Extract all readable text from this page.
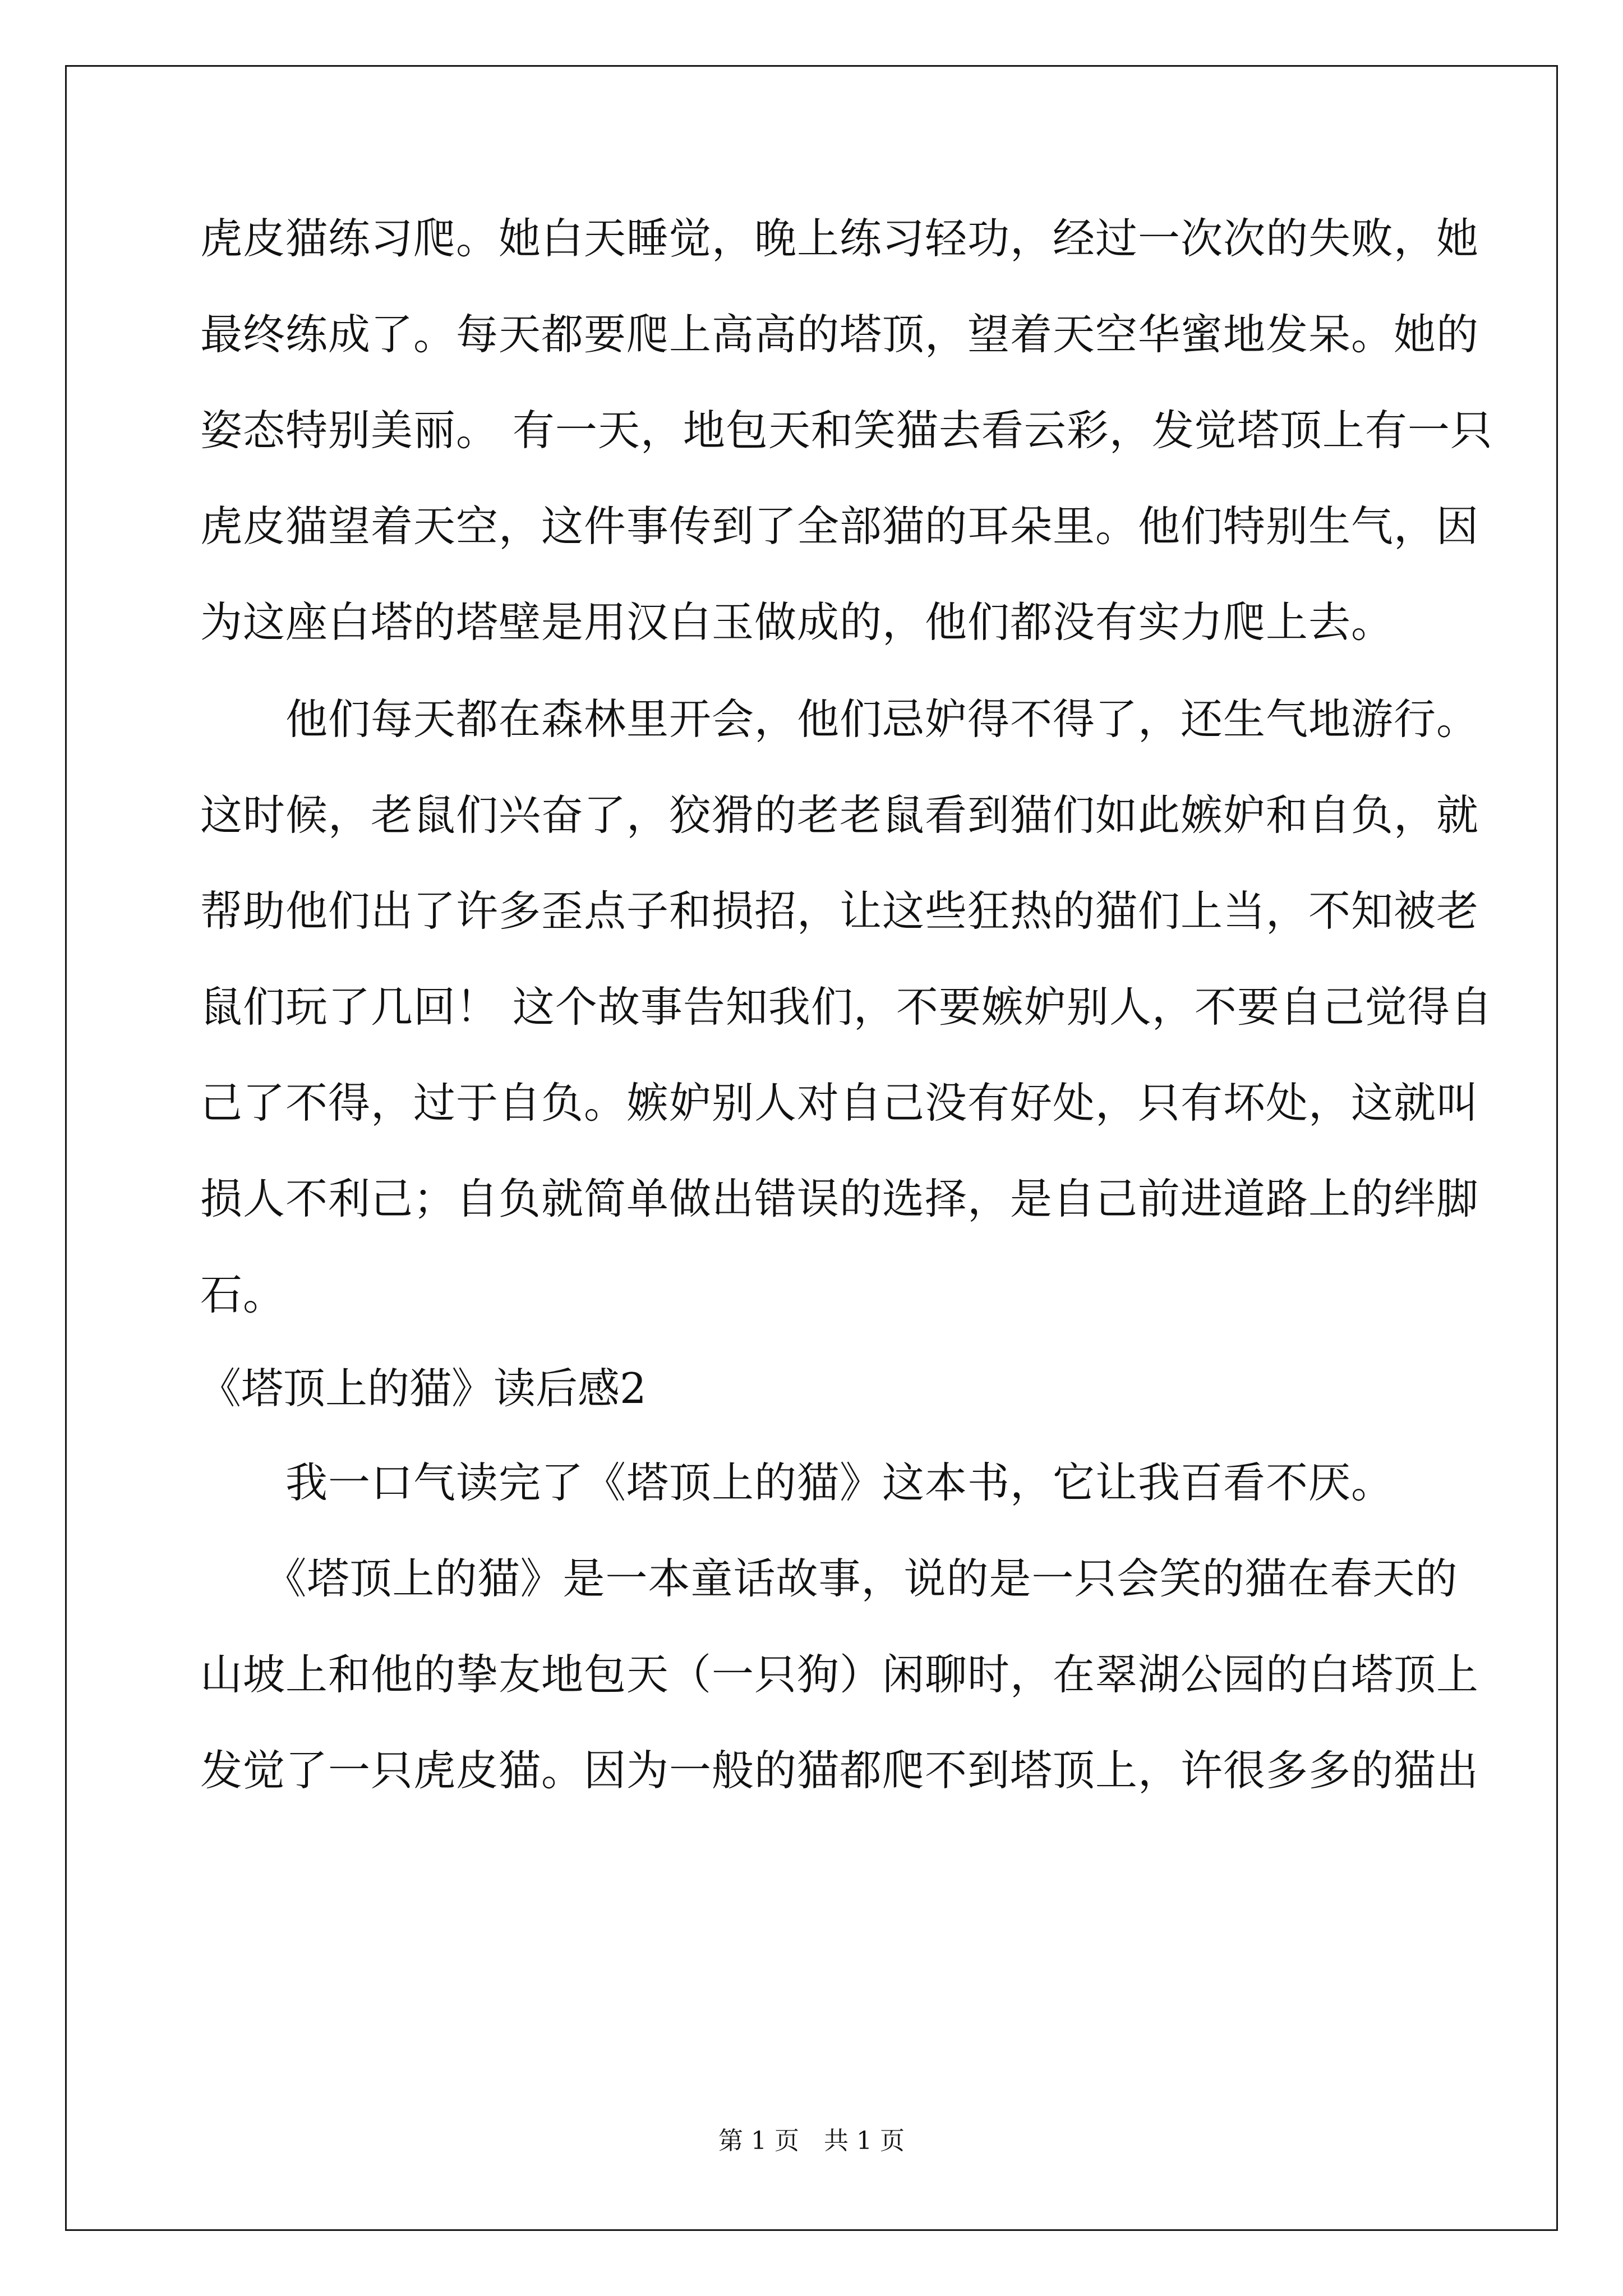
虎皮猫练习爬。她白天睡觉，晚上练习轻功，经过一次次的失败，她
最终练成了。每天都要爬上高高的塔顶，望着天空华蜜地发呆。她的
姿态特别美丽。 有一天，地包天和笑猫去看云彩，发觉塔顶上有一只
虎皮猫望着天空，这件事传到了全部猫的耳朵里。他们特别生气，因
为这座白塔的塔壁是用汉白玉做成的，他们都没有实力爬上去。
　　他们每天都在森林里开会，他们忌妒得不得了，还生气地游行。
这时候，老鼠们兴奋了，狡猾的老老鼠看到猫们如此嫉妒和自负，就
帮助他们出了许多歪点子和损招，让这些狂热的猫们上当，不知被老
鼠们玩了几回！ 这个故事告知我们，不要嫉妒别人，不要自己觉得自
己了不得，过于自负。嫉妒别人对自己没有好处，只有坏处，这就叫
损人不利己；自负就简单做出错误的选择，是自己前进道路上的绊脚
石。
《塔顶上的猫》读后感2
　　我一口气读完了《塔顶上的猫》这本书，它让我百看不厌。
　　《塔顶上的猫》是一本童话故事，说的是一只会笑的猫在春天的
山坡上和他的挚友地包天（一只狗）闲聊时，在翠湖公园的白塔顶上
发觉了一只虎皮猫。因为一般的猫都爬不到塔顶上，许很多多的猫出
第 1 页　共 1 页
